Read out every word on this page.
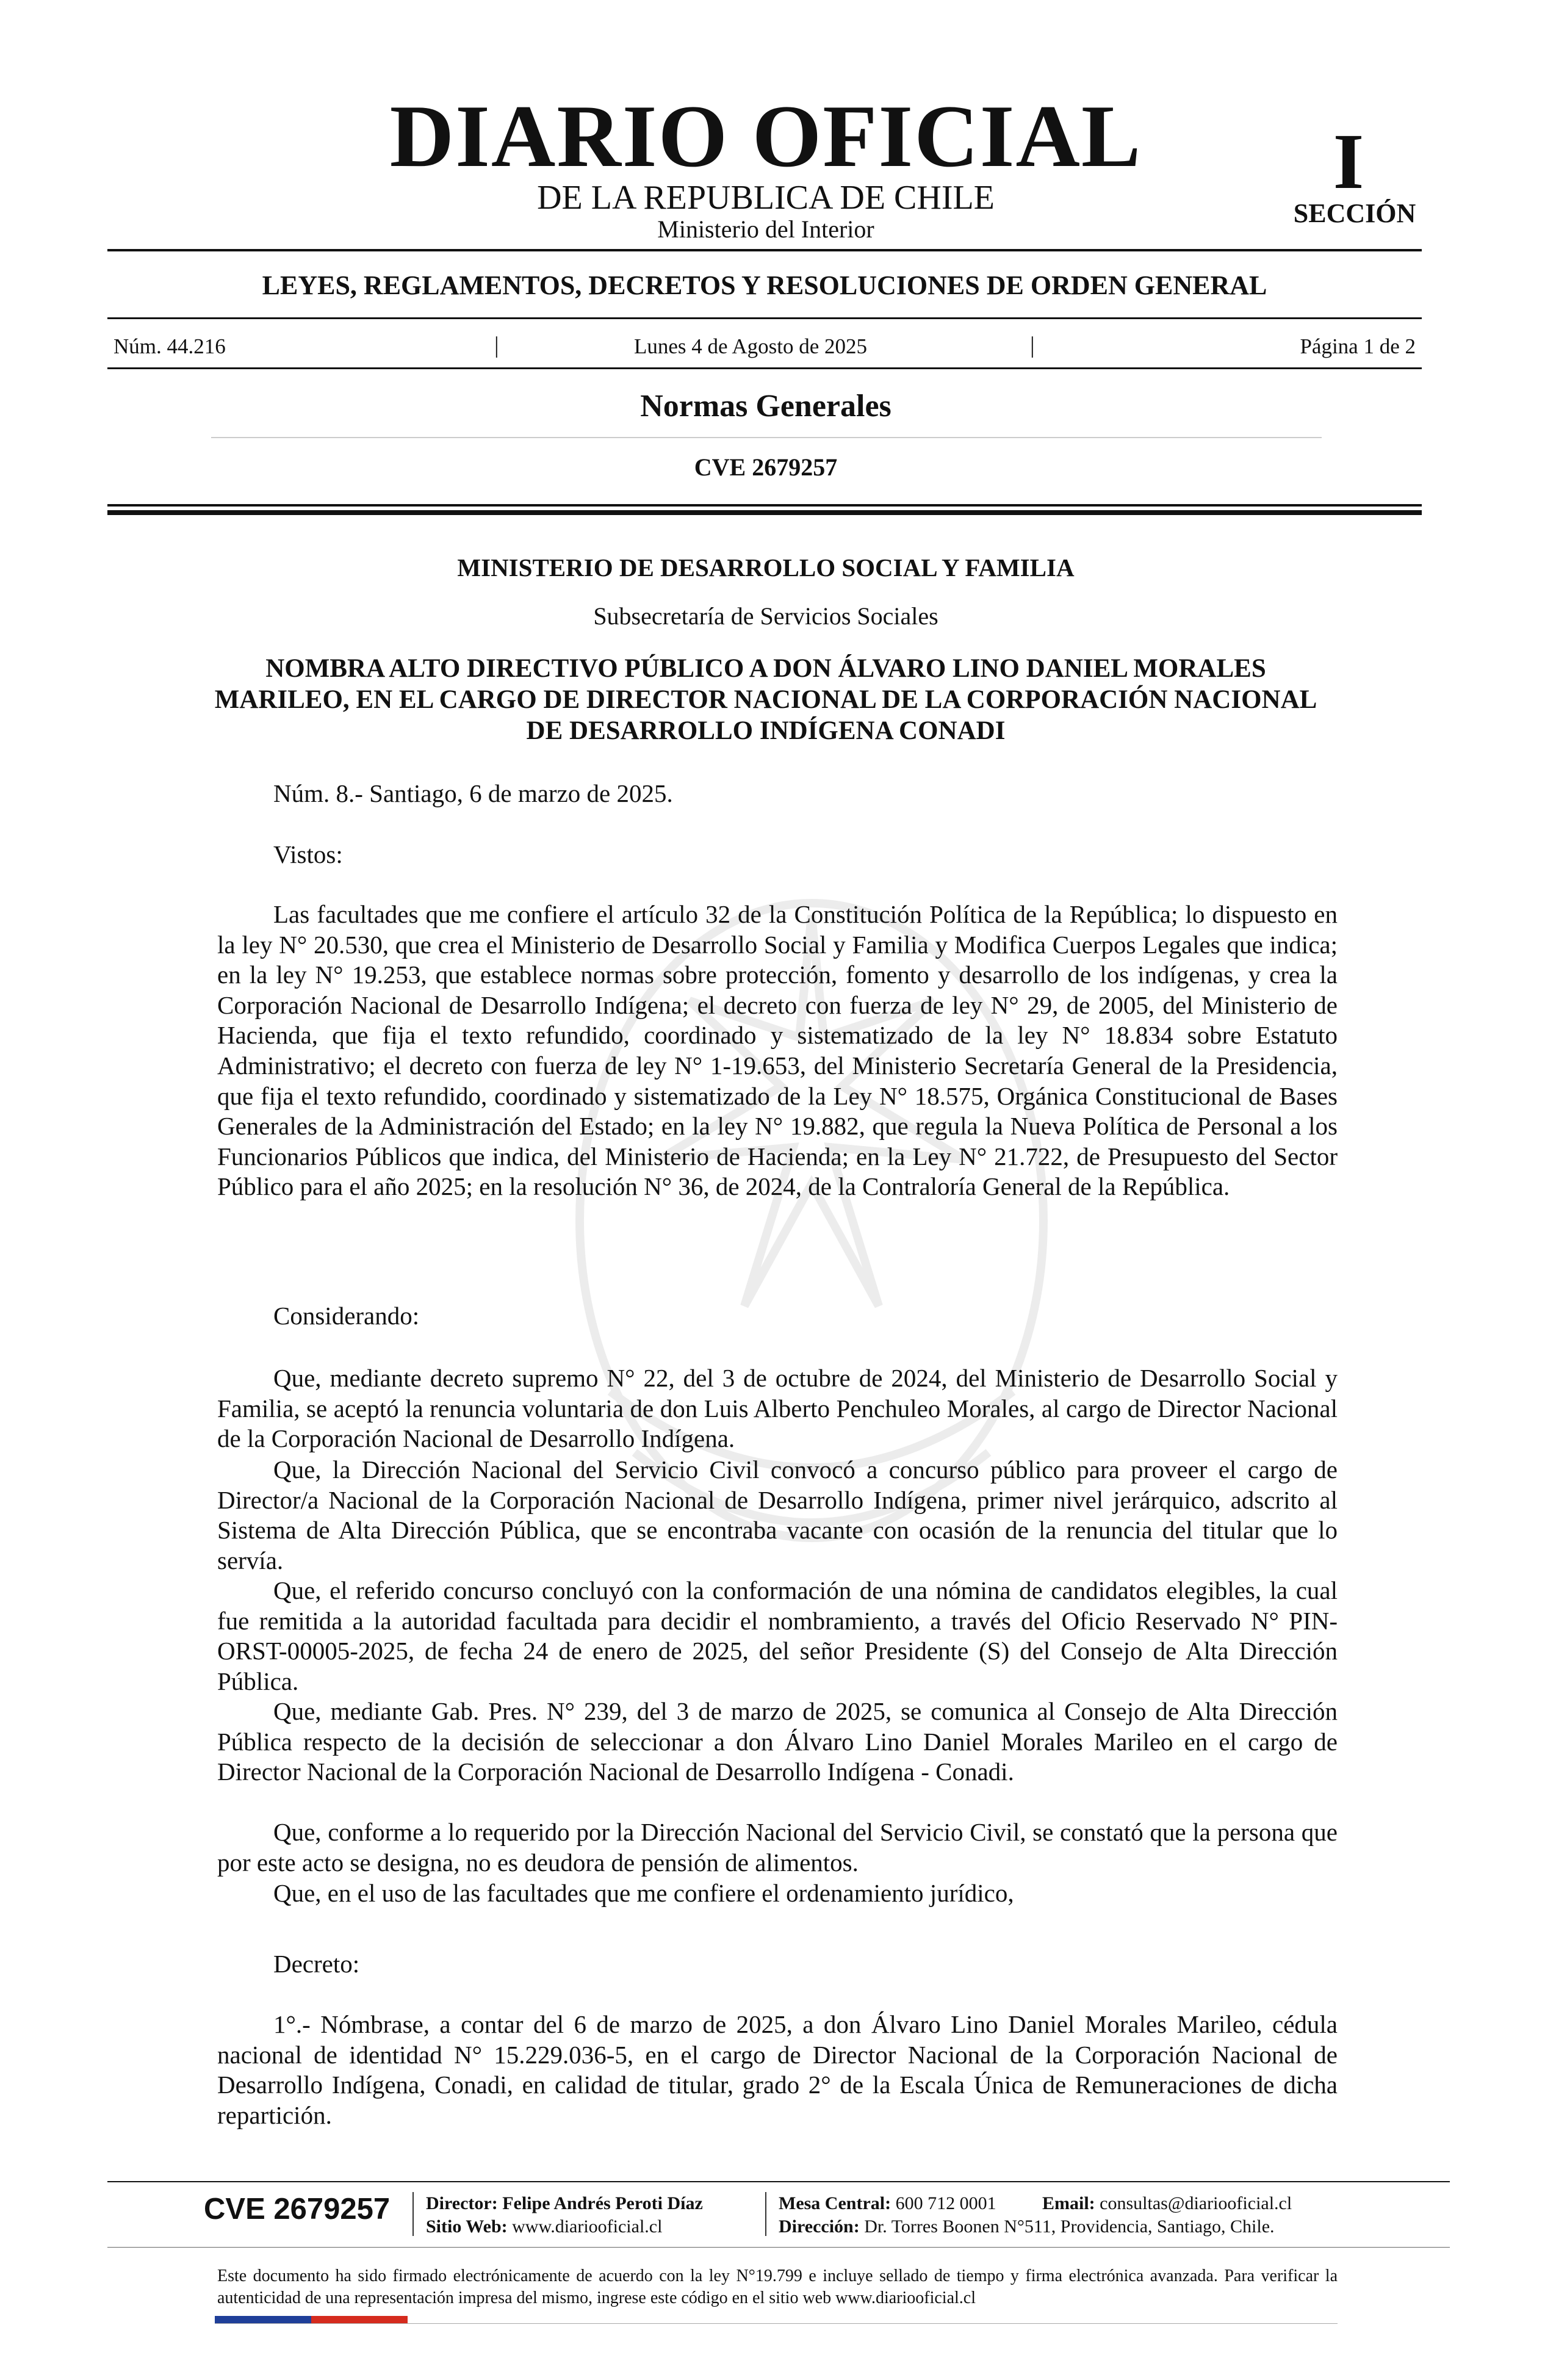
DIARIO OFICIAL
DE LA REPUBLICA DE CHILE
Ministerio del Interior
I
SECCIÓN
LEYES, REGLAMENTOS, DECRETOS Y RESOLUCIONES DE ORDEN GENERAL
Núm. 44.216	|	Lunes 4 de Agosto de 2025	|	Página 1 de 2
Normas Generales
CVE 2679257
MINISTERIO DE DESARROLLO SOCIAL Y FAMILIA
Subsecretaría de Servicios Sociales
NOMBRA ALTO DIRECTIVO PÚBLICO A DON ÁLVARO LINO DANIEL MORALES MARILEO, EN EL CARGO DE DIRECTOR NACIONAL DE LA CORPORACIÓN NACIONAL DE DESARROLLO INDÍGENA CONADI
Núm. 8.- Santiago, 6 de marzo de 2025.
Vistos:
Las facultades que me confiere el artículo 32 de la Constitución Política de la República; lo dispuesto en la ley N° 20.530, que crea el Ministerio de Desarrollo Social y Familia y Modifica Cuerpos Legales que indica; en la ley N° 19.253, que establece normas sobre protección, fomento y desarrollo de los indígenas, y crea la Corporación Nacional de Desarrollo Indígena; el decreto con fuerza de ley N° 29, de 2005, del Ministerio de Hacienda, que fija el texto refundido, coordinado y sistematizado de la ley N° 18.834 sobre Estatuto Administrativo; el decreto con fuerza de ley N° 1-19.653, del Ministerio Secretaría General de la Presidencia, que fija el texto refundido, coordinado y sistematizado de la Ley N° 18.575, Orgánica Constitucional de Bases Generales de la Administración del Estado; en la ley N° 19.882, que regula la Nueva Política de Personal a los Funcionarios Públicos que indica, del Ministerio de Hacienda; en la Ley N° 21.722, de Presupuesto del Sector Público para el año 2025; en la resolución N° 36, de 2024, de la Contraloría General de la República.
Considerando:
Que, mediante decreto supremo N° 22, del 3 de octubre de 2024, del Ministerio de Desarrollo Social y Familia, se aceptó la renuncia voluntaria de don Luis Alberto Penchuleo Morales, al cargo de Director Nacional de la Corporación Nacional de Desarrollo Indígena.
Que, la Dirección Nacional del Servicio Civil convocó a concurso público para proveer el cargo de Director/a Nacional de la Corporación Nacional de Desarrollo Indígena, primer nivel jerárquico, adscrito al Sistema de Alta Dirección Pública, que se encontraba vacante con ocasión de la renuncia del titular que lo servía.
Que, el referido concurso concluyó con la conformación de una nómina de candidatos elegibles, la cual fue remitida a la autoridad facultada para decidir el nombramiento, a través del Oficio Reservado N° PIN-ORST-00005-2025, de fecha 24 de enero de 2025, del señor Presidente (S) del Consejo de Alta Dirección Pública.
Que, mediante Gab. Pres. N° 239, del 3 de marzo de 2025, se comunica al Consejo de Alta Dirección Pública respecto de la decisión de seleccionar a don Álvaro Lino Daniel Morales Marileo en el cargo de Director Nacional de la Corporación Nacional de Desarrollo Indígena - Conadi.
Que, conforme a lo requerido por la Dirección Nacional del Servicio Civil, se constató que la persona que por este acto se designa, no es deudora de pensión de alimentos.
Que, en el uso de las facultades que me confiere el ordenamiento jurídico,
Decreto:
1°.- Nómbrase, a contar del 6 de marzo de 2025, a don Álvaro Lino Daniel Morales Marileo, cédula nacional de identidad N° 15.229.036-5, en el cargo de Director Nacional de la Corporación Nacional de Desarrollo Indígena, Conadi, en calidad de titular, grado 2° de la Escala Única de Remuneraciones de dicha repartición.
CVE 2679257 Director: Felipe Andrés Peroti Díaz
Sitio Web: www.diariooficial.cl
Mesa Central: 600 712 0001	Email: consultas@diariooficial.cl
Dirección: Dr. Torres Boonen N°511, Providencia, Santiago, Chile.
Este documento ha sido firmado electrónicamente de acuerdo con la ley N°19.799 e incluye sellado de tiempo y firma electrónica avanzada. Para verificar la autenticidad de una representación impresa del mismo, ingrese este código en el sitio web www.diariooficial.cl
